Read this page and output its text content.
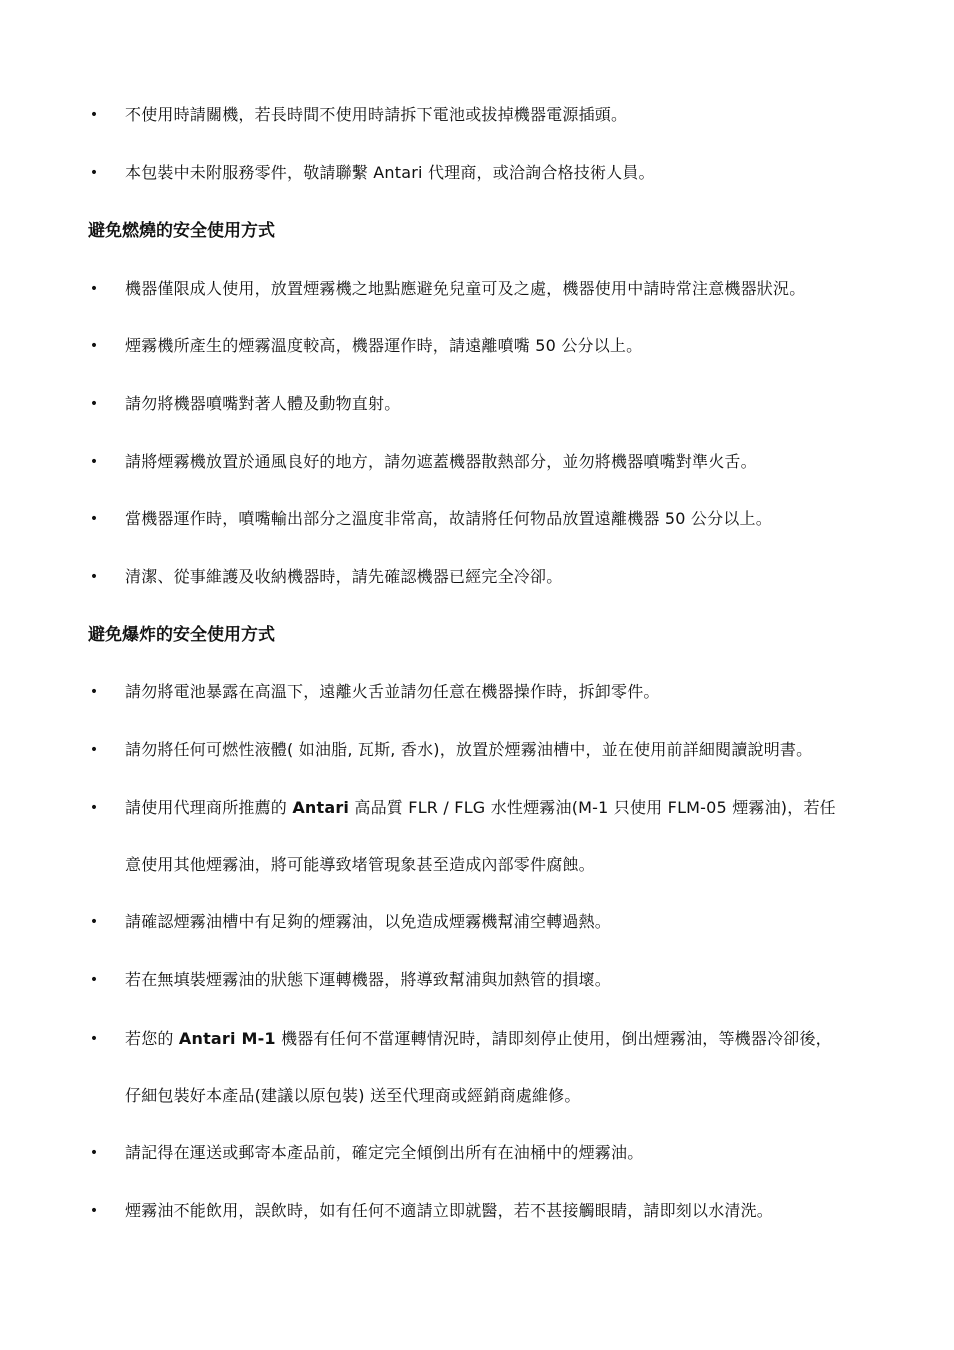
• 不使用時請關機，若長時間不使用時請拆下電池或拔掉機器電源插頭。
• 本包裝中未附服務零件，敬請聯繫 Antari 代理商，或洽詢合格技術人員。
避免燃燒的安全使用方式
• 機器僅限成人使用，放置煙霧機之地點應避免兒童可及之處，機器使用中請時常注意機器狀況。
• 煙霧機所產生的煙霧溫度較高，機器運作時，請遠離噴嘴 50 公分以上。
• 請勿將機器噴嘴對著人體及動物直射。
• 請將煙霧機放置於通風良好的地方，請勿遮蓋機器散熱部分，並勿將機器噴嘴對準火舌。
• 當機器運作時，噴嘴輸出部分之溫度非常高，故請將任何物品放置遠離機器 50 公分以上。
• 清潔、從事維護及收納機器時，請先確認機器已經完全冷卻。
避免爆炸的安全使用方式
• 請勿將電池暴露在高溫下，遠離火舌並請勿任意在機器操作時，拆卸零件。
• 請勿將任何可燃性液體( 如油脂, 瓦斯, 香水)，放置於煙霧油槽中，並在使用前詳細閱讀說明書。
• 請使用代理商所推薦的 Antari 高品質 FLR / FLG 水性煙霧油(M-1 只使用 FLM-05 煙霧油)，若任
意使用其他煙霧油，將可能導致堵管現象甚至造成內部零件腐蝕。
• 請確認煙霧油槽中有足夠的煙霧油，以免造成煙霧機幫浦空轉過熱。
• 若在無填裝煙霧油的狀態下運轉機器，將導致幫浦與加熱管的損壞。
• 若您的 Antari M-1 機器有任何不當運轉情況時，請即刻停止使用，倒出煙霧油，等機器冷卻後，
仔細包裝好本產品(建議以原包裝) 送至代理商或經銷商處維修。
• 請記得在運送或郵寄本產品前，確定完全傾倒出所有在油桶中的煙霧油。
• 煙霧油不能飲用，誤飲時，如有任何不適請立即就醫，若不甚接觸眼睛，請即刻以水清洗。
